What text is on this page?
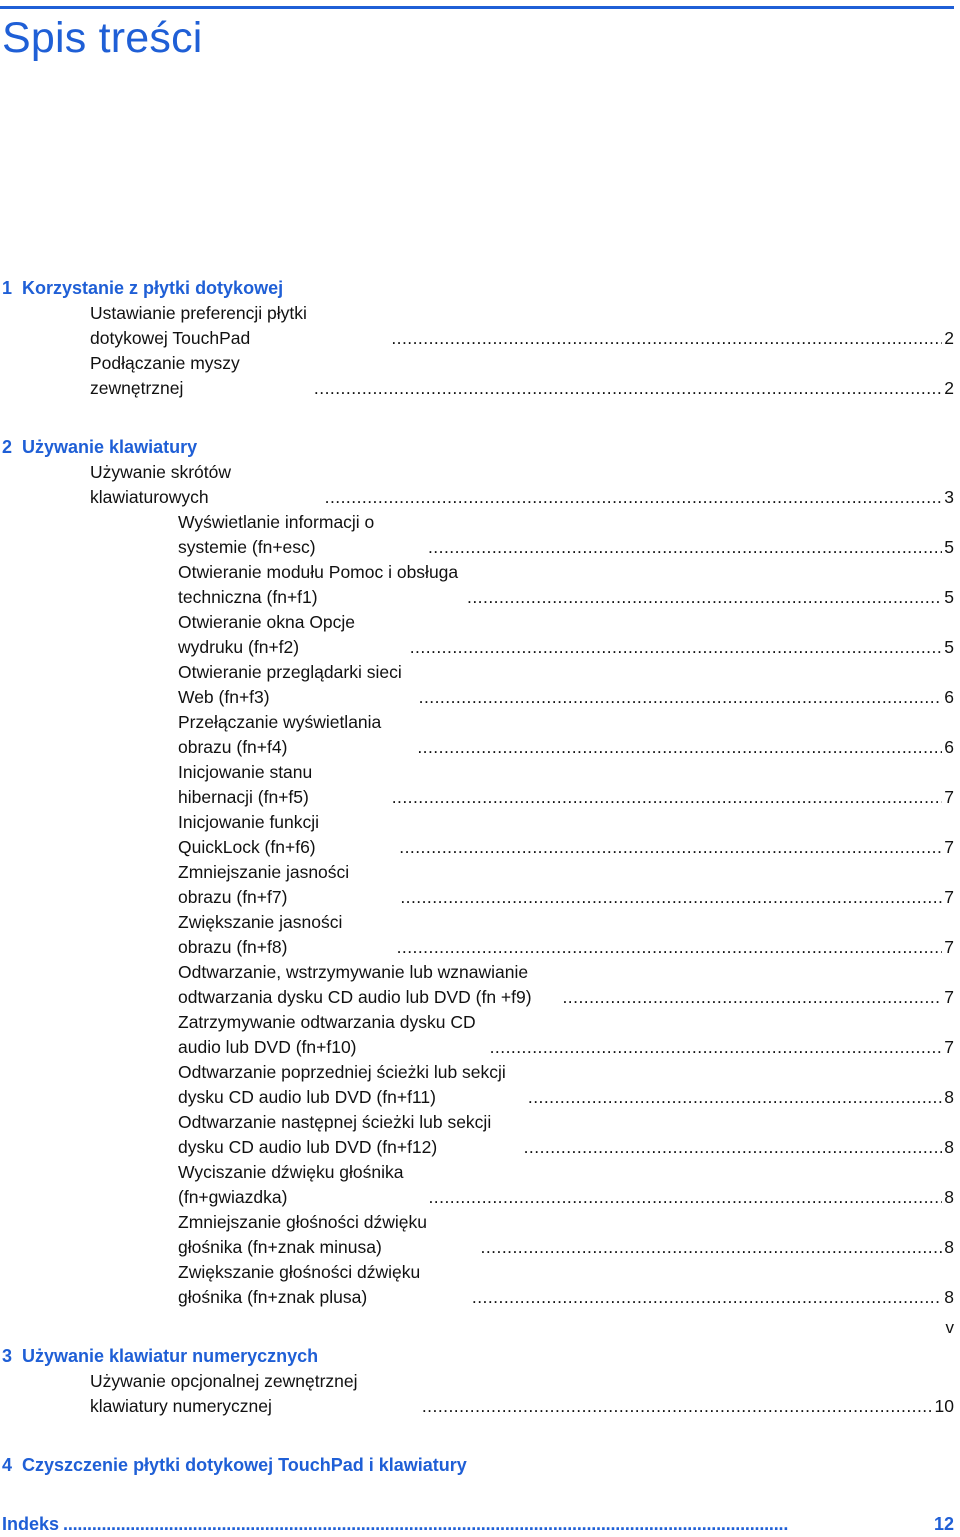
Spis treści
1 Korzystanie z płytki dotykowej
Ustawianie preferencji płytki dotykowej TouchPad . . .	2
Podłączanie myszy zewnętrznej . . .	2
2 Używanie klawiatury
Używanie skrótów klawiaturowych . . .	3
Wyświetlanie informacji o systemie (fn+esc) . . .	5
Otwieranie modułu Pomoc i obsługa techniczna (fn+f1) . . .	5
Otwieranie okna Opcje wydruku (fn+f2) . . .	5
Otwieranie przeglądarki sieci Web (fn+f3) . . .	6
Przełączanie wyświetlania obrazu (fn+f4) . . .	6
Inicjowanie stanu hibernacji (fn+f5) . . .	7
Inicjowanie funkcji QuickLock (fn+f6) . . .	7
Zmniejszanie jasności obrazu (fn+f7) . . .	7
Zwiększanie jasności obrazu (fn+f8) . . .	7
Odtwarzanie, wstrzymywanie lub wznawianie odtwarzania dysku CD audio lub DVD (fn +f9) . . .	7
Zatrzymywanie odtwarzania dysku CD audio lub DVD (fn+f10) . . .	7
Odtwarzanie poprzedniej ścieżki lub sekcji dysku CD audio lub DVD (fn+f11) . . .	8
Odtwarzanie następnej ścieżki lub sekcji dysku CD audio lub DVD (fn+f12) . . .	8
Wyciszanie dźwięku głośnika (fn+gwiazdka) . . .	8
Zmniejszanie głośności dźwięku głośnika (fn+znak minusa) . . .	8
Zwiększanie głośności dźwięku głośnika (fn+znak plusa) . . .	8
3 Używanie klawiatur numerycznych
Używanie opcjonalnej zewnętrznej klawiatury numerycznej . . .	10
4 Czyszczenie płytki dotykowej TouchPad i klawiatury
Indeks . . .	12
v
